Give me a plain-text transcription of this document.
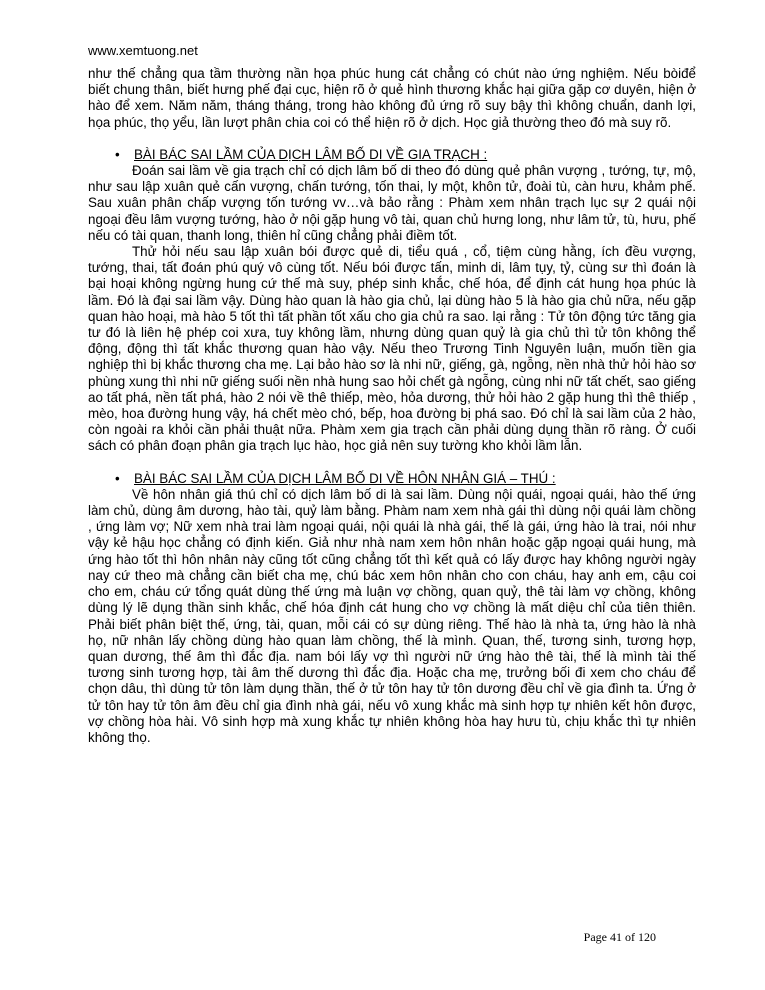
www.xemtuong.net

như thế chẳng qua tầm thường nần họa phúc hung cát chẳng có chút nào ứng nghiệm. Nếu bòiđể biết chung thân, biết hưng phế đại cục, hiện rõ ở quẻ hình thương khắc hại giữa gặp cơ duyên, hiện ở hào để xem. Năm năm, tháng tháng, trong hào không đủ ứng rõ suy bậy thì không chuẩn, danh lợi, họa phúc, thọ yểu, lần lượt phân chia coi có thể hiện rõ ở dịch. Học giả thường theo đó mà suy rõ.

• BÀI BÁC SAI LẦM CỦA DỊCH LÂM BỐ DI VỀ GIA TRẠCH :

Đoán sai lầm về gia trạch chỉ có dịch lâm bố di theo đó dùng quẻ phân vượng , tướng, tự, mộ, như sau lập xuân quẻ cấn vượng, chấn tướng, tốn thai, ly một, khôn tử, đoài tù, càn hưu, khảm phế. Sau xuân phân chấp vượng tốn tướng vv…và bảo rằng : Phàm xem nhân trạch lục sự 2 quái nội ngoại đều lâm vượng tướng, hào ở nội gặp hung vô tài, quan chủ hưng long, như lâm tử, tù, hưu, phế nếu có tài quan, thanh long, thiên hỉ cũng chẳng phải điềm tốt.

Thử hỏi nếu sau lập xuân bói được quẻ di, tiểu quá , cổ, tiệm cùng hằng, ích đều vượng, tướng, thai, tất đoán phú quý vô cùng tốt. Nếu bói được tấn, minh di, lâm tụy, tỷ, cùng sư thì đoán là bại hoại không ngừng hung cứ thế mà suy, phép sinh khắc, chế hóa, để định cát hung họa phúc là lầm. Đó là đại sai lầm vậy. Dùng hào quan là hào gia chủ, lại dùng hào 5 là hào gia chủ nữa, nếu gặp quan hào hoại, mà hào 5 tốt thì tất phần tốt xấu cho gia chủ ra sao. lại rằng : Tử tôn động tức tăng gia tư đó là liên hệ phép coi xưa, tuy không lầm, nhưng dùng quan quỷ là gia chủ thì tử tôn không thể động, động thì tất khắc thương quan hào vậy. Nếu theo Trương Tinh Nguyên luận, muốn tiền gia nghiệp thì bị khắc thương cha mẹ. Lại bảo hào sơ là nhi nữ, giếng, gà, ngỗng, nền nhà thử hỏi hào sơ phùng xung thì nhi nữ giếng suối nền nhà hung sao hỏi chết gà ngỗng, cùng nhi nữ tất chết, sao giếng ao tất phá, nền tất phá, hào 2 nói về thê thiếp, mèo, hỏa dương, thử hỏi hào 2 gặp hung thì thê thiếp , mèo, hoa đường hung vậy, há chết mèo chó, bếp, hoa đường bị phá sao. Đó chỉ là sai lầm của 2 hào, còn ngoài ra khỏi cần phải thuật nữa. Phàm xem gia trạch cần phải dùng dụng thần rõ ràng. Ở cuối sách có phân đoạn phân gia trạch lục hào, học giả nên suy tường kho khỏi lầm lẫn.

• BÀI BÁC SAI LẦM CỦA DỊCH LÂM BỐ DI VỀ HÔN NHÂN GIÁ – THÚ :

Về hôn nhân giá thú chỉ có dịch lâm bố di là sai lầm. Dùng nội quái, ngoại quái, hào thế ứng làm chủ, dùng âm dương, hào tài, quỷ làm bằng. Phàm nam xem nhà gái thì dùng nội quái làm chồng , ứng làm vợ; Nữ xem nhà trai làm ngoại quái, nội quái là nhà gái, thế là gái, ứng hào là trai, nói như vậy kẻ hậu học chẳng có định kiến. Giả như nhà nam xem hôn nhân hoặc gặp ngoại quái hung, mà ứng hào tốt thì hôn nhân này cũng tốt cũng chẳng tốt thì kết quả có lấy được hay không người ngày nay cứ theo mà chẳng cần biết cha mẹ, chú bác xem hôn nhân cho con cháu, hay anh em, cậu coi cho em, cháu cứ tổng quát dùng thế ứng mà luận vợ chồng, quan quỷ, thê tài làm vợ chồng, không dùng lý lẽ dụng thần sinh khắc, chế hóa định cát hung cho vợ chồng là mất diệu chỉ của tiên thiên. Phải biết phân biệt thế, ứng, tài, quan, mỗi cái có sự dùng riêng. Thế hào là nhà ta, ứng hào là nhà họ, nữ nhân lấy chồng dùng hào quan làm chồng, thế là mình. Quan, thế, tương sinh, tương hợp, quan dương, thế âm thì đắc địa. nam bói lấy vợ thì người nữ ứng hào thê tài, thế là mình tài thế tương sinh tương hợp, tài âm thế dương thì đắc địa. Hoặc cha mẹ, trưởng bối đi xem cho cháu để chọn dâu, thì dùng tử tôn làm dụng thần, thế ở tử tôn hay tử tôn dương đều chỉ về gia đình ta. Ứng ở tử tôn hay tử tôn âm đều chỉ gia đình nhà gái, nếu vô xung khắc mà sinh hợp tự nhiên kết hôn được, vợ chồng hòa hài. Vô sinh hợp mà xung khắc tự nhiên không hòa hay hưu tù, chịu khắc thì tự nhiên không thọ.

Page 41 of 120
